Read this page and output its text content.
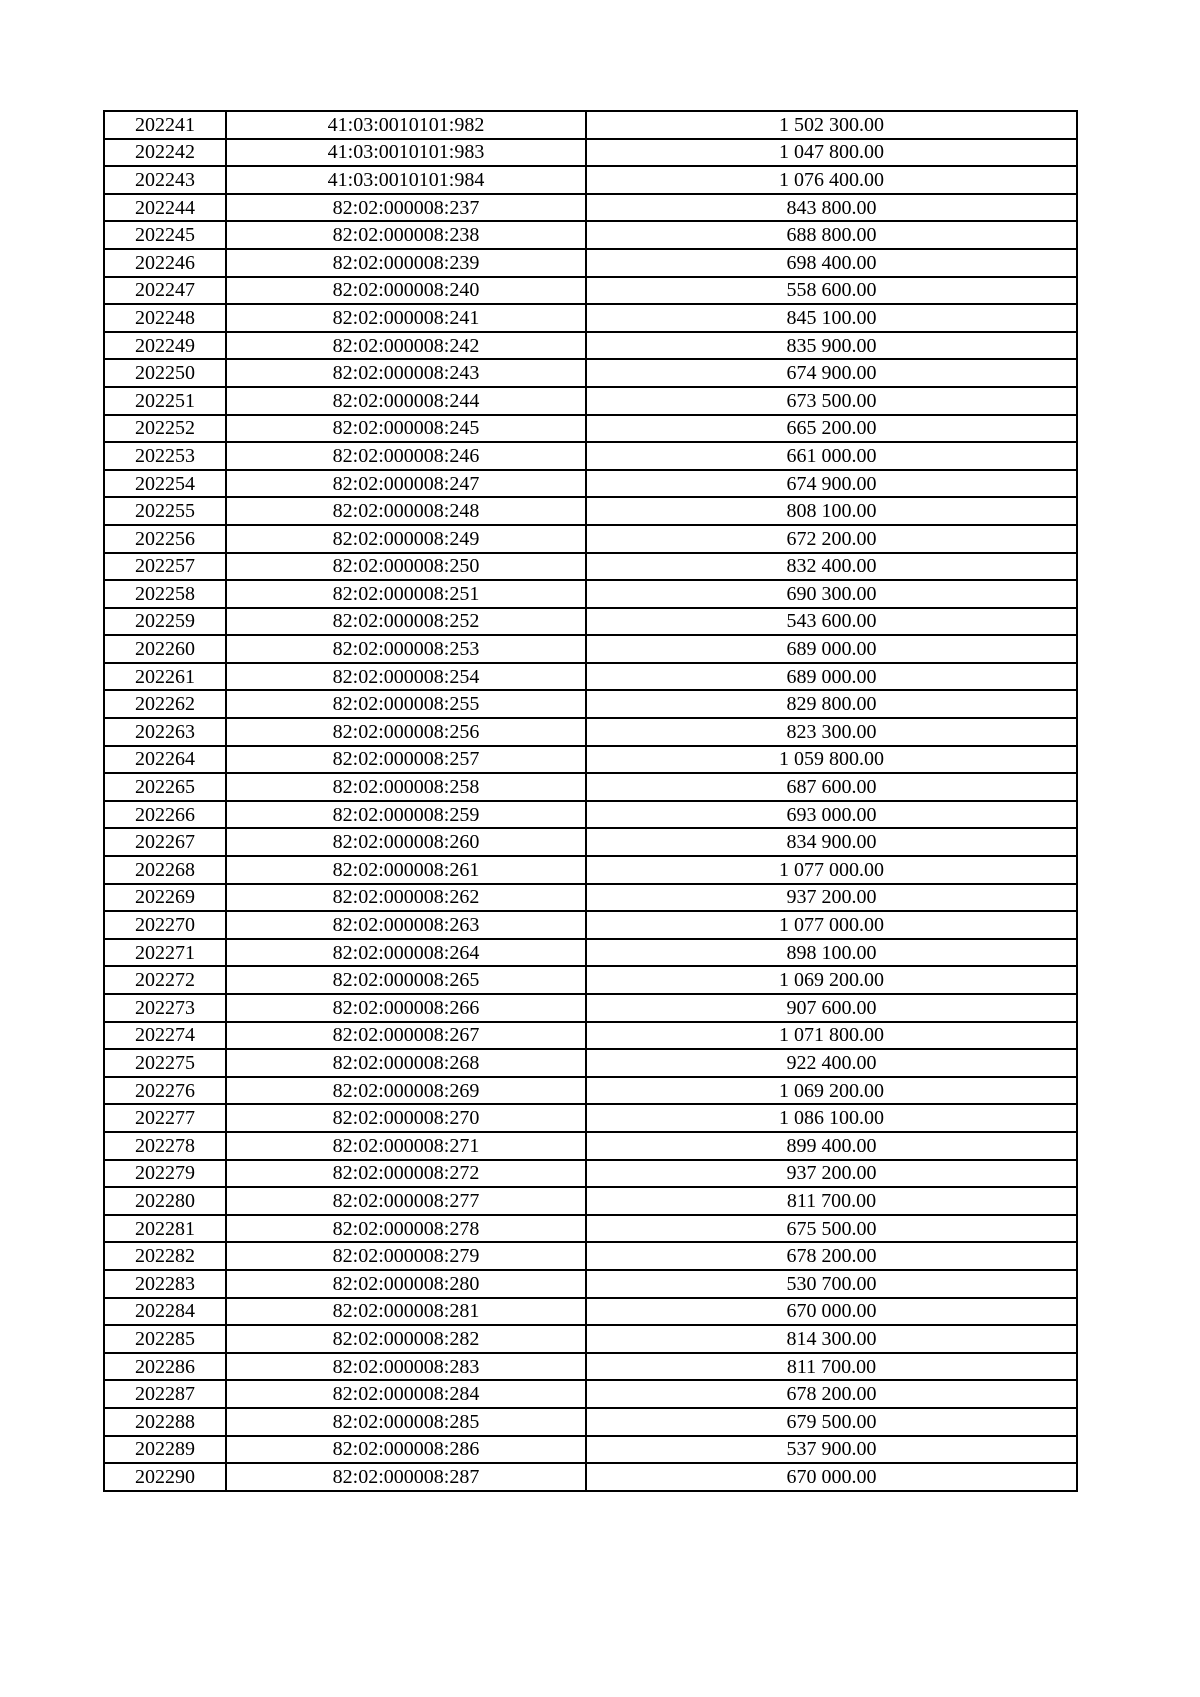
202241	41:03:0010101:982	1 502 300.00
202242	41:03:0010101:983	1 047 800.00
202243	41:03:0010101:984	1 076 400.00
202244	82:02:000008:237	843 800.00
202245	82:02:000008:238	688 800.00
202246	82:02:000008:239	698 400.00
202247	82:02:000008:240	558 600.00
202248	82:02:000008:241	845 100.00
202249	82:02:000008:242	835 900.00
202250	82:02:000008:243	674 900.00
202251	82:02:000008:244	673 500.00
202252	82:02:000008:245	665 200.00
202253	82:02:000008:246	661 000.00
202254	82:02:000008:247	674 900.00
202255	82:02:000008:248	808 100.00
202256	82:02:000008:249	672 200.00
202257	82:02:000008:250	832 400.00
202258	82:02:000008:251	690 300.00
202259	82:02:000008:252	543 600.00
202260	82:02:000008:253	689 000.00
202261	82:02:000008:254	689 000.00
202262	82:02:000008:255	829 800.00
202263	82:02:000008:256	823 300.00
202264	82:02:000008:257	1 059 800.00
202265	82:02:000008:258	687 600.00
202266	82:02:000008:259	693 000.00
202267	82:02:000008:260	834 900.00
202268	82:02:000008:261	1 077 000.00
202269	82:02:000008:262	937 200.00
202270	82:02:000008:263	1 077 000.00
202271	82:02:000008:264	898 100.00
202272	82:02:000008:265	1 069 200.00
202273	82:02:000008:266	907 600.00
202274	82:02:000008:267	1 071 800.00
202275	82:02:000008:268	922 400.00
202276	82:02:000008:269	1 069 200.00
202277	82:02:000008:270	1 086 100.00
202278	82:02:000008:271	899 400.00
202279	82:02:000008:272	937 200.00
202280	82:02:000008:277	811 700.00
202281	82:02:000008:278	675 500.00
202282	82:02:000008:279	678 200.00
202283	82:02:000008:280	530 700.00
202284	82:02:000008:281	670 000.00
202285	82:02:000008:282	814 300.00
202286	82:02:000008:283	811 700.00
202287	82:02:000008:284	678 200.00
202288	82:02:000008:285	679 500.00
202289	82:02:000008:286	537 900.00
202290	82:02:000008:287	670 000.00
